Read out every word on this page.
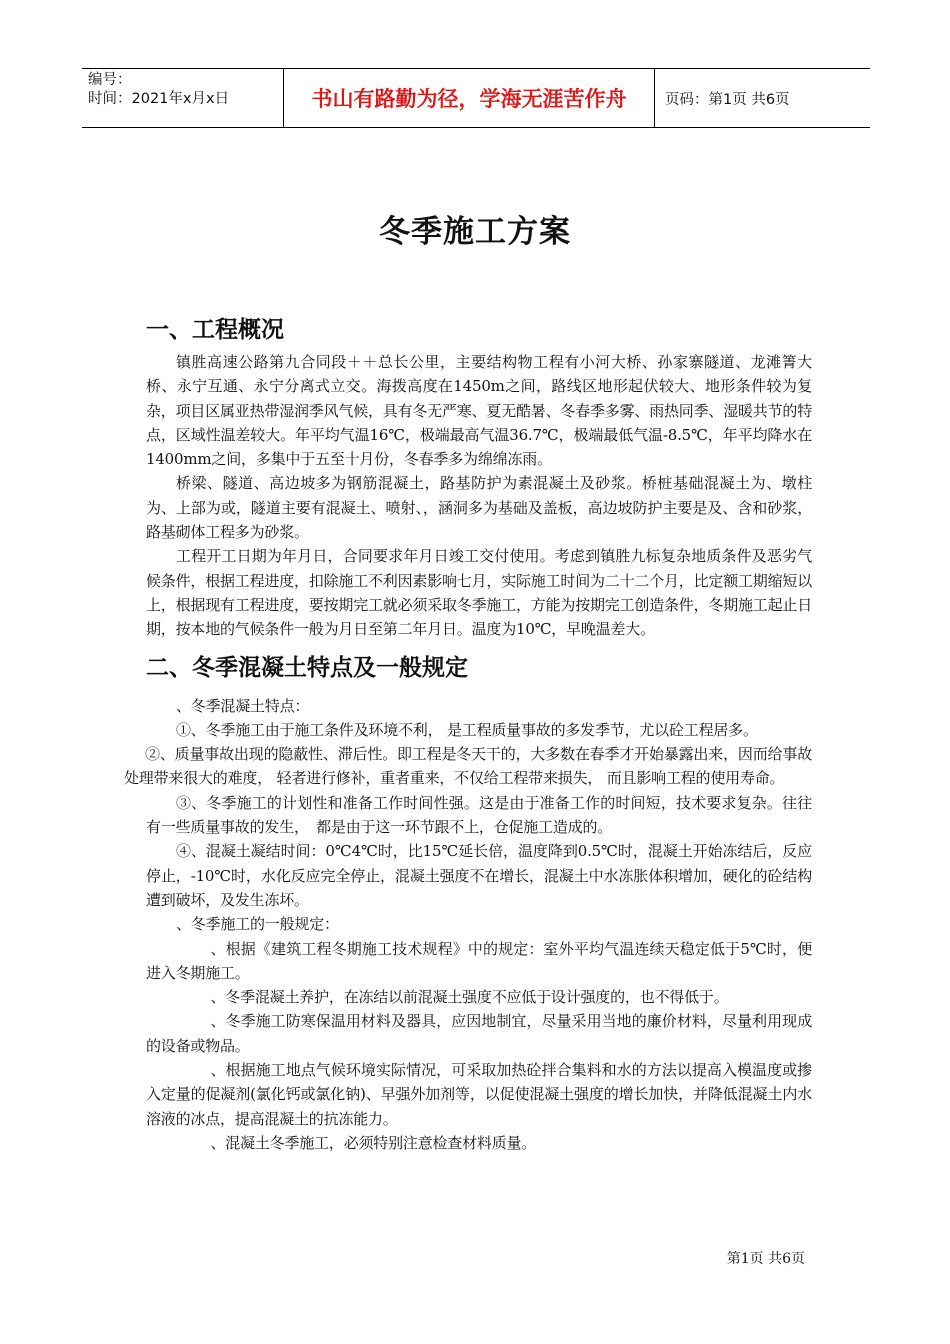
编号：
时间：2021年x月x日	书山有路勤为径，学海无涯苦作舟	页码：第1页 共6页
冬季施工方案
一、工程概况

镇胜高速公路第九合同段＋＋总长公里，主要结构物工程有小河大桥、孙家寨隧道、龙滩箐大桥、永宁互通、永宁分离式立交。海拨高度在1450m之间，路线区地形起伏较大、地形条件较为复杂，项目区属亚热带湿润季风气候，具有冬无严寒、夏无酷暑、冬春季多雾、雨热同季、湿暖共节的特点，区域性温差较大。年平均气温16℃，极端最高气温36.7℃，极端最低气温-8.5℃，年平均降水在1400mm之间，多集中于五至十月份，冬春季多为绵绵冻雨。

桥梁、隧道、高边坡多为钢筋混凝土，路基防护为素混凝土及砂浆。桥桩基础混凝土为、墩柱为、上部为或，隧道主要有混凝土、喷射、，涵洞多为基础及盖板，高边坡防护主要是及、含和砂浆，路基砌体工程多为砂浆。

工程开工日期为年月日，合同要求年月日竣工交付使用。考虑到镇胜九标复杂地质条件及恶劣气候条件，根据工程进度，扣除施工不利因素影响七月，实际施工时间为二十二个月，比定额工期缩短以上，根据现有工程进度，要按期完工就必须采取冬季施工，方能为按期完工创造条件，冬期施工起止日期，按本地的气候条件一般为月日至第二年月日。温度为10℃，早晚温差大。

二、冬季混凝土特点及一般规定

、冬季混凝土特点：

①、冬季施工由于施工条件及环境不利， 是工程质量事故的多发季节，尤以砼工程居多。

②、质量事故出现的隐蔽性、滞后性。即工程是冬天干的，大多数在春季才开始暴露出来，因而给事故处理带来很大的难度， 轻者进行修补，重者重来，不仅给工程带来损失， 而且影响工程的使用寿命。

③、冬季施工的计划性和准备工作时间性强。这是由于准备工作的时间短，技术要求复杂。往往有一些质量事故的发生，　都是由于这一环节跟不上，仓促施工造成的。

④、混凝土凝结时间：0℃4℃时，比15℃延长倍，温度降到0.5℃时，混凝土开始冻结后，反应停止，-10℃时，水化反应完全停止，混凝土强度不在增长，混凝土中水冻胀体积增加，硬化的砼结构遭到破坏，及发生冻坏。

、冬季施工的一般规定：

、根据《建筑工程冬期施工技术规程》中的规定：室外平均气温连续天稳定低于5℃时，便进入冬期施工。

、冬季混凝土养护，在冻结以前混凝土强度不应低于设计强度的，也不得低于。

、冬季施工防寒保温用材料及器具，应因地制宜，尽量采用当地的廉价材料，尽量利用现成的设备或物品。

、根据施工地点气候环境实际情况，可采取加热砼拌合集料和水的方法以提高入模温度或掺入定量的促凝剂(氯化钙或氯化钠)、早强外加剂等，以促使混凝土强度的增长加快，并降低混凝土内水溶液的冰点，提高混凝土的抗冻能力。

、混凝土冬季施工，必须特别注意检查材料质量。

第1页 共6页
